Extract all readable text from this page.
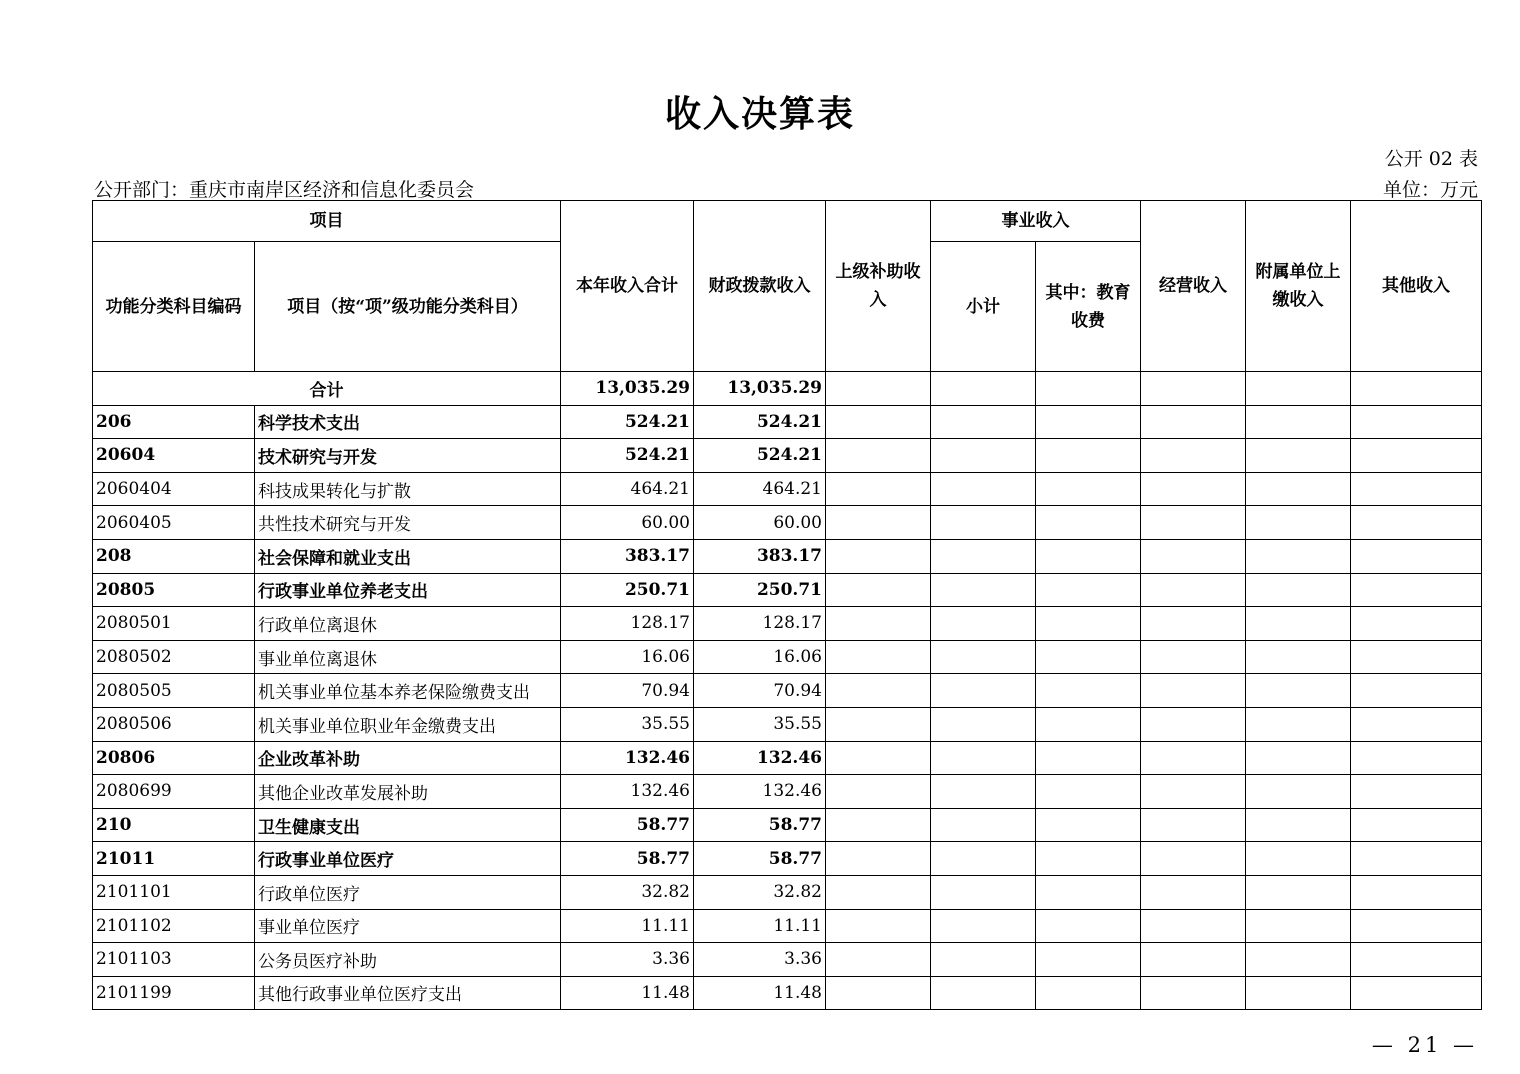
收入决算表
公开 02 表
公开部门：重庆市南岸区经济和信息化委员会	单位：万元
项目		本年收入合计	财政拨款收入	上级补助收入	事业收入		经营收入	附属单位上缴收入	其他收入
功能分类科目编码	项目（按“项”级功能分类科目）				小计	其中：教育收费			
合计		13,035.29	13,035.29						
206	科学技术支出	524.21	524.21						
20604	技术研究与开发	524.21	524.21						
2060404	科技成果转化与扩散	464.21	464.21						
2060405	共性技术研究与开发	60.00	60.00						
208	社会保障和就业支出	383.17	383.17						
20805	行政事业单位养老支出	250.71	250.71						
2080501	行政单位离退休	128.17	128.17						
2080502	事业单位离退休	16.06	16.06						
2080505	机关事业单位基本养老保险缴费支出	70.94	70.94						
2080506	机关事业单位职业年金缴费支出	35.55	35.55						
20806	企业改革补助	132.46	132.46						
2080699	其他企业改革发展补助	132.46	132.46						
210	卫生健康支出	58.77	58.77						
21011	行政事业单位医疗	58.77	58.77						
2101101	行政单位医疗	32.82	32.82						
2101102	事业单位医疗	11.11	11.11						
2101103	公务员医疗补助	3.36	3.36						
2101199	其他行政事业单位医疗支出	11.48	11.48						
— 21 —
